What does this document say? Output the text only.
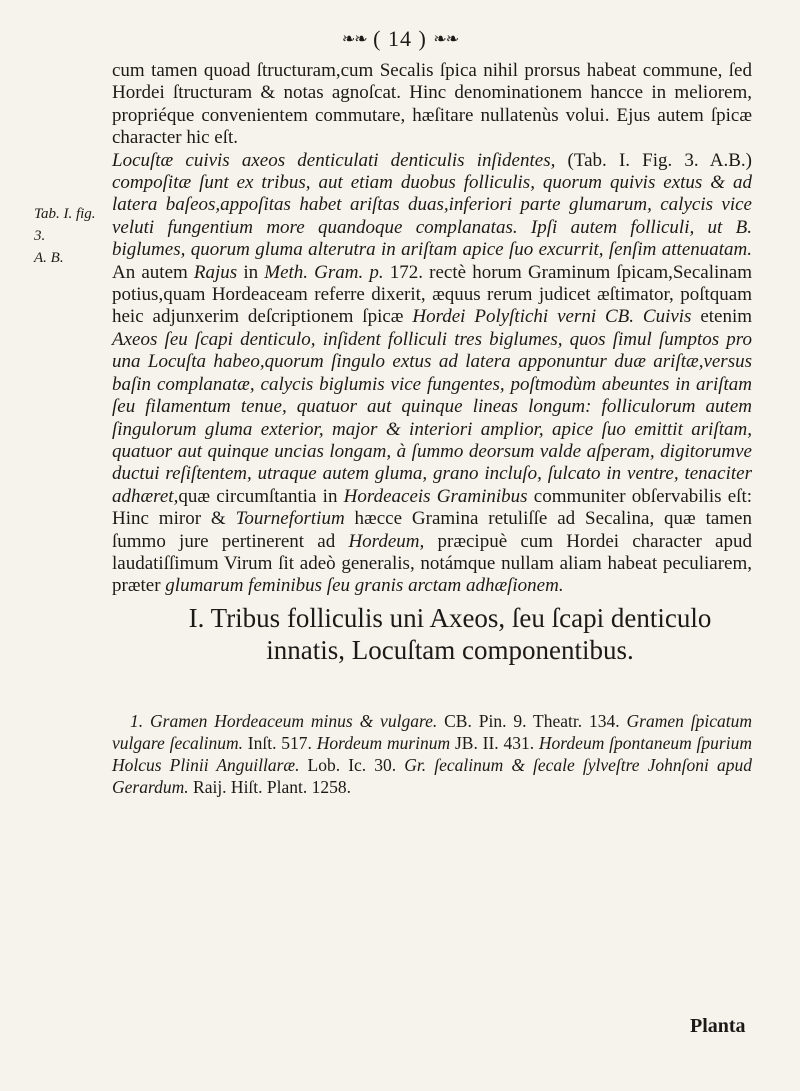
❧❧ ( 14 ) ❧❧
Tab. I. fig. 3.
A. B.

cum tamen quoad ſtructuram,cum Secalis ſpica nihil prorsus habeat commune, ſed Hordei ſtructuram & notas agnoſcat. Hinc denominationem hancce in meliorem, propriéque convenientem commutare, hæſitare nullatenùs volui. Ejus autem ſpicæ character hic eſt.

Locuſtæ cuivis axeos denticulati denticulis inſidentes, (Tab. I. Fig. 3. A.B.) compoſitæ ſunt ex tribus, aut etiam duobus folliculis, quorum quivis extus & ad latera baſeos,appoſitas habet ariſtas duas,inferiori parte glumarum, calycis vice veluti fungentium more quandoque complanatas. Ipſi autem folliculi, ut B. biglumes, quorum gluma alterutra in ariſtam apice ſuo excurrit, ſenſim attenuatam. An autem Rajus in Meth. Gram. p. 172. rectè horum Graminum ſpicam,Secalinam potius,quam Hordeaceam referre dixerit, æquus rerum judicet æſtimator, poſtquam heic adjunxerim deſcriptionem ſpicæ Hordei Polyſtichi verni CB. Cuivis etenim Axeos ſeu ſcapi denticulo, inſident folliculi tres biglumes, quos ſimul ſumptos pro una Locuſta habeo,quorum ſingulo extus ad latera apponuntur duæ ariſtæ,versus baſin complanatæ, calycis biglumis vice fungentes, poſtmodùm abeuntes in ariſtam ſeu filamentum tenue, quatuor aut quinque lineas longum: folliculorum autem ſingulorum gluma exterior, major & interiori amplior, apice ſuo emittit ariſtam, quatuor aut quinque uncias longam, à ſummo deorsum valde aſperam, digitorumve ductui reſiſtentem, utraque autem gluma, grano incluſo, ſulcato in ventre, tenaciter adhæret,quæ circumſtantia in Hordeaceis Graminibus communiter obſervabilis eſt: Hinc miror & Tournefortium hæcce Gramina retuliſſe ad Secalina, quæ tamen ſummo jure pertinerent ad Hordeum, præcipuè cum Hordei character apud laudatiſſimum Virum ſit adeò generalis, notámque nullam aliam habeat peculiarem, præter glumarum feminibus ſeu granis arctam adhæſionem.

I. Tribus folliculis uni Axeos, ſeu ſcapi denticulo
innatis, Locuſtam componentibus.

1. Gramen Hordeaceum minus & vulgare. CB. Pin. 9. Theatr. 134. Gramen ſpicatum vulgare ſecalinum. Inſt. 517. Hordeum murinum JB. II. 431. Hordeum ſpontaneum ſpurium Holcus Plinii Anguillaræ. Lob. Ic. 30. Gr. ſecalinum & ſecale ſylveſtre Johnſoni apud Gerardum. Raij. Hiſt. Plant. 1258.

Planta
